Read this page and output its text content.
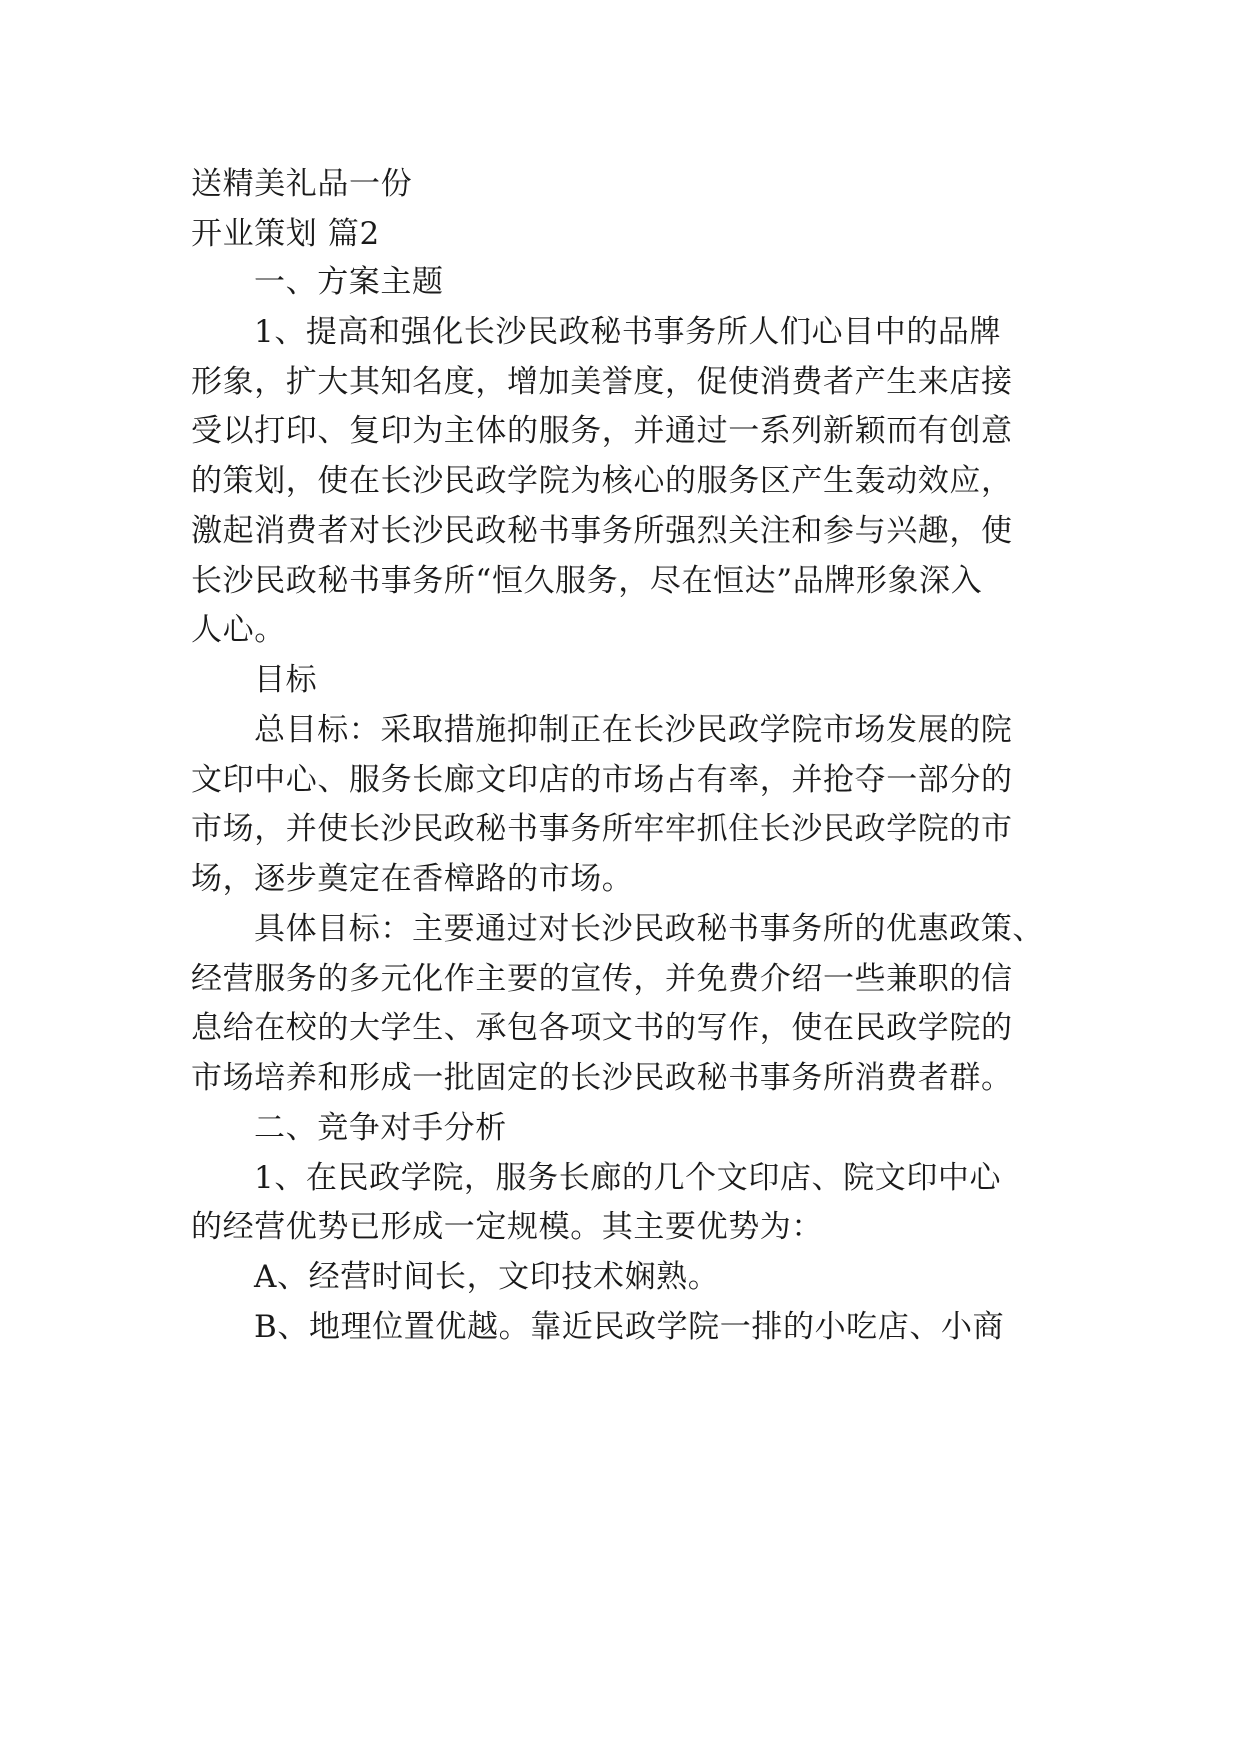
送精美礼品一份
开业策划 篇2
一、方案主题
1、提高和强化长沙民政秘书事务所人们心目中的品牌
形象，扩大其知名度，增加美誉度，促使消费者产生来店接
受以打印、复印为主体的服务，并通过一系列新颖而有创意
的策划，使在长沙民政学院为核心的服务区产生轰动效应，
激起消费者对长沙民政秘书事务所强烈关注和参与兴趣，使
长沙民政秘书事务所“恒久服务，尽在恒达”品牌形象深入
人心。
目标
总目标：采取措施抑制正在长沙民政学院市场发展的院
文印中心、服务长廊文印店的市场占有率，并抢夺一部分的
市场，并使长沙民政秘书事务所牢牢抓住长沙民政学院的市
场，逐步奠定在香樟路的市场。
具体目标：主要通过对长沙民政秘书事务所的优惠政策、
经营服务的多元化作主要的宣传，并免费介绍一些兼职的信
息给在校的大学生、承包各项文书的写作，使在民政学院的
市场培养和形成一批固定的长沙民政秘书事务所消费者群。
二、竞争对手分析
1、在民政学院，服务长廊的几个文印店、院文印中心
的经营优势已形成一定规模。其主要优势为：
A、经营时间长，文印技术娴熟。
B、地理位置优越。靠近民政学院一排的小吃店、小商
